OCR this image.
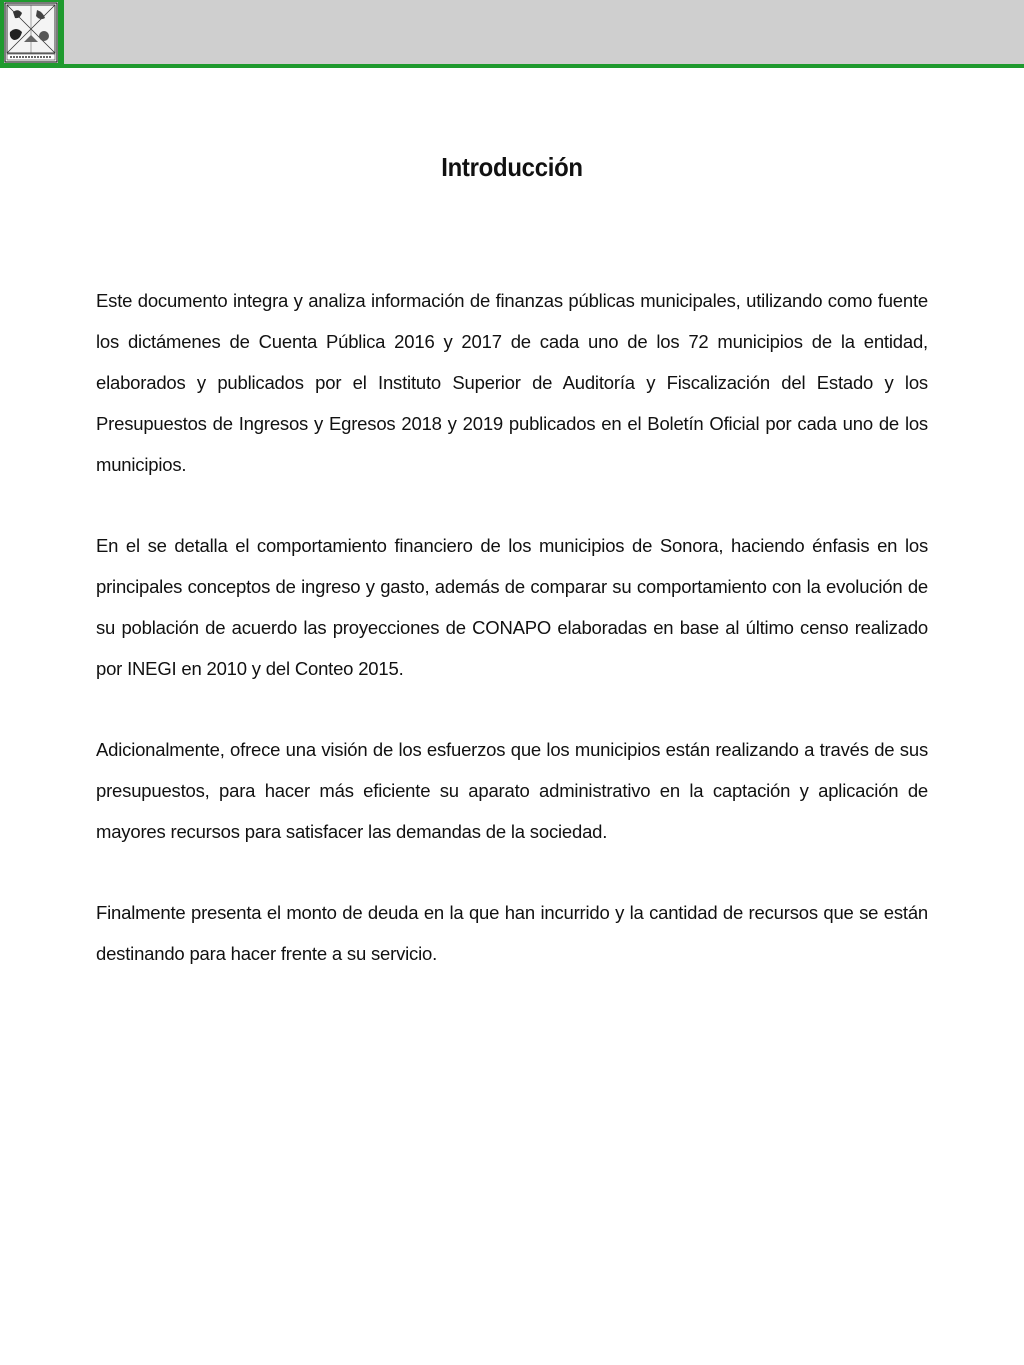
Introducción

Este documento integra y analiza información de finanzas públicas municipales, utilizando como fuente los dictámenes de Cuenta Pública 2016 y 2017 de cada uno de los 72 municipios de la entidad, elaborados y publicados por el Instituto Superior de Auditoría y Fiscalización del Estado y los Presupuestos de Ingresos y Egresos 2018 y 2019 publicados en el Boletín Oficial por cada uno de los municipios.

En el se detalla el comportamiento financiero de los municipios de Sonora, haciendo énfasis en los principales conceptos de ingreso y gasto, además de comparar su comportamiento con la evolución de su población de acuerdo las proyecciones de CONAPO elaboradas en base al último censo realizado por INEGI en 2010 y del Conteo 2015.

Adicionalmente, ofrece una visión de los esfuerzos que los municipios están realizando a través de sus presupuestos, para hacer más eficiente su aparato administrativo en la captación y aplicación de mayores recursos para satisfacer las demandas de la sociedad.

Finalmente presenta el monto de deuda en la que han incurrido y la cantidad de recursos que se están destinando para hacer frente a su servicio.
